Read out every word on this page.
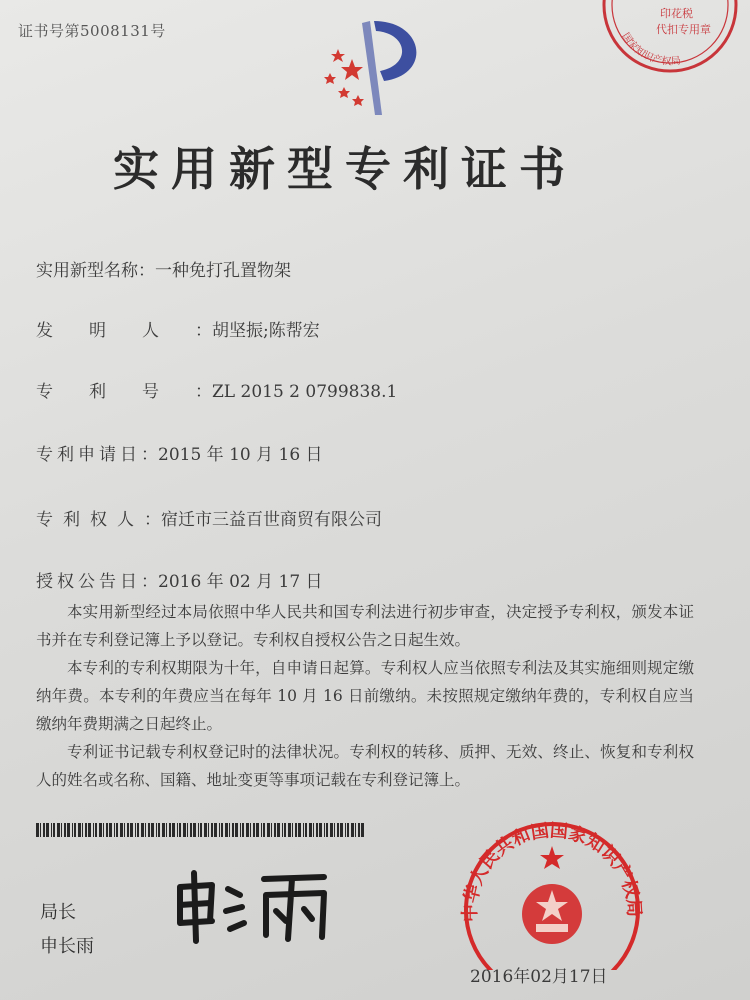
证书号第5008131号	国家知识产权局
印花税
代扣专用章
实用新型专利证书
实用新型名称：一种免打孔置物架
发明人：胡坚振;陈帮宏
专利号：ZL 2015 2 0799838.1
专利申请日：2015 年 10 月 16 日
专利权人：宿迁市三益百世商贸有限公司
授权公告日：2016 年 02 月 17 日

本实用新型经过本局依照中华人民共和国专利法进行初步审查，决定授予专利权，颁发本证书并在专利登记簿上予以登记。专利权自授权公告之日起生效。

本专利的专利权期限为十年，自申请日起算。专利权人应当依照专利法及其实施细则规定缴纳年费。本专利的年费应当在每年 10 月 16 日前缴纳。未按照规定缴纳年费的，专利权自应当缴纳年费期满之日起终止。

专利证书记载专利权登记时的法律状况。专利权的转移、质押、无效、终止、恢复和专利权人的姓名或名称、国籍、地址变更等事项记载在专利登记簿上。

局长
申长雨
中华人民共和国国家知识产权局
2016年02月17日
